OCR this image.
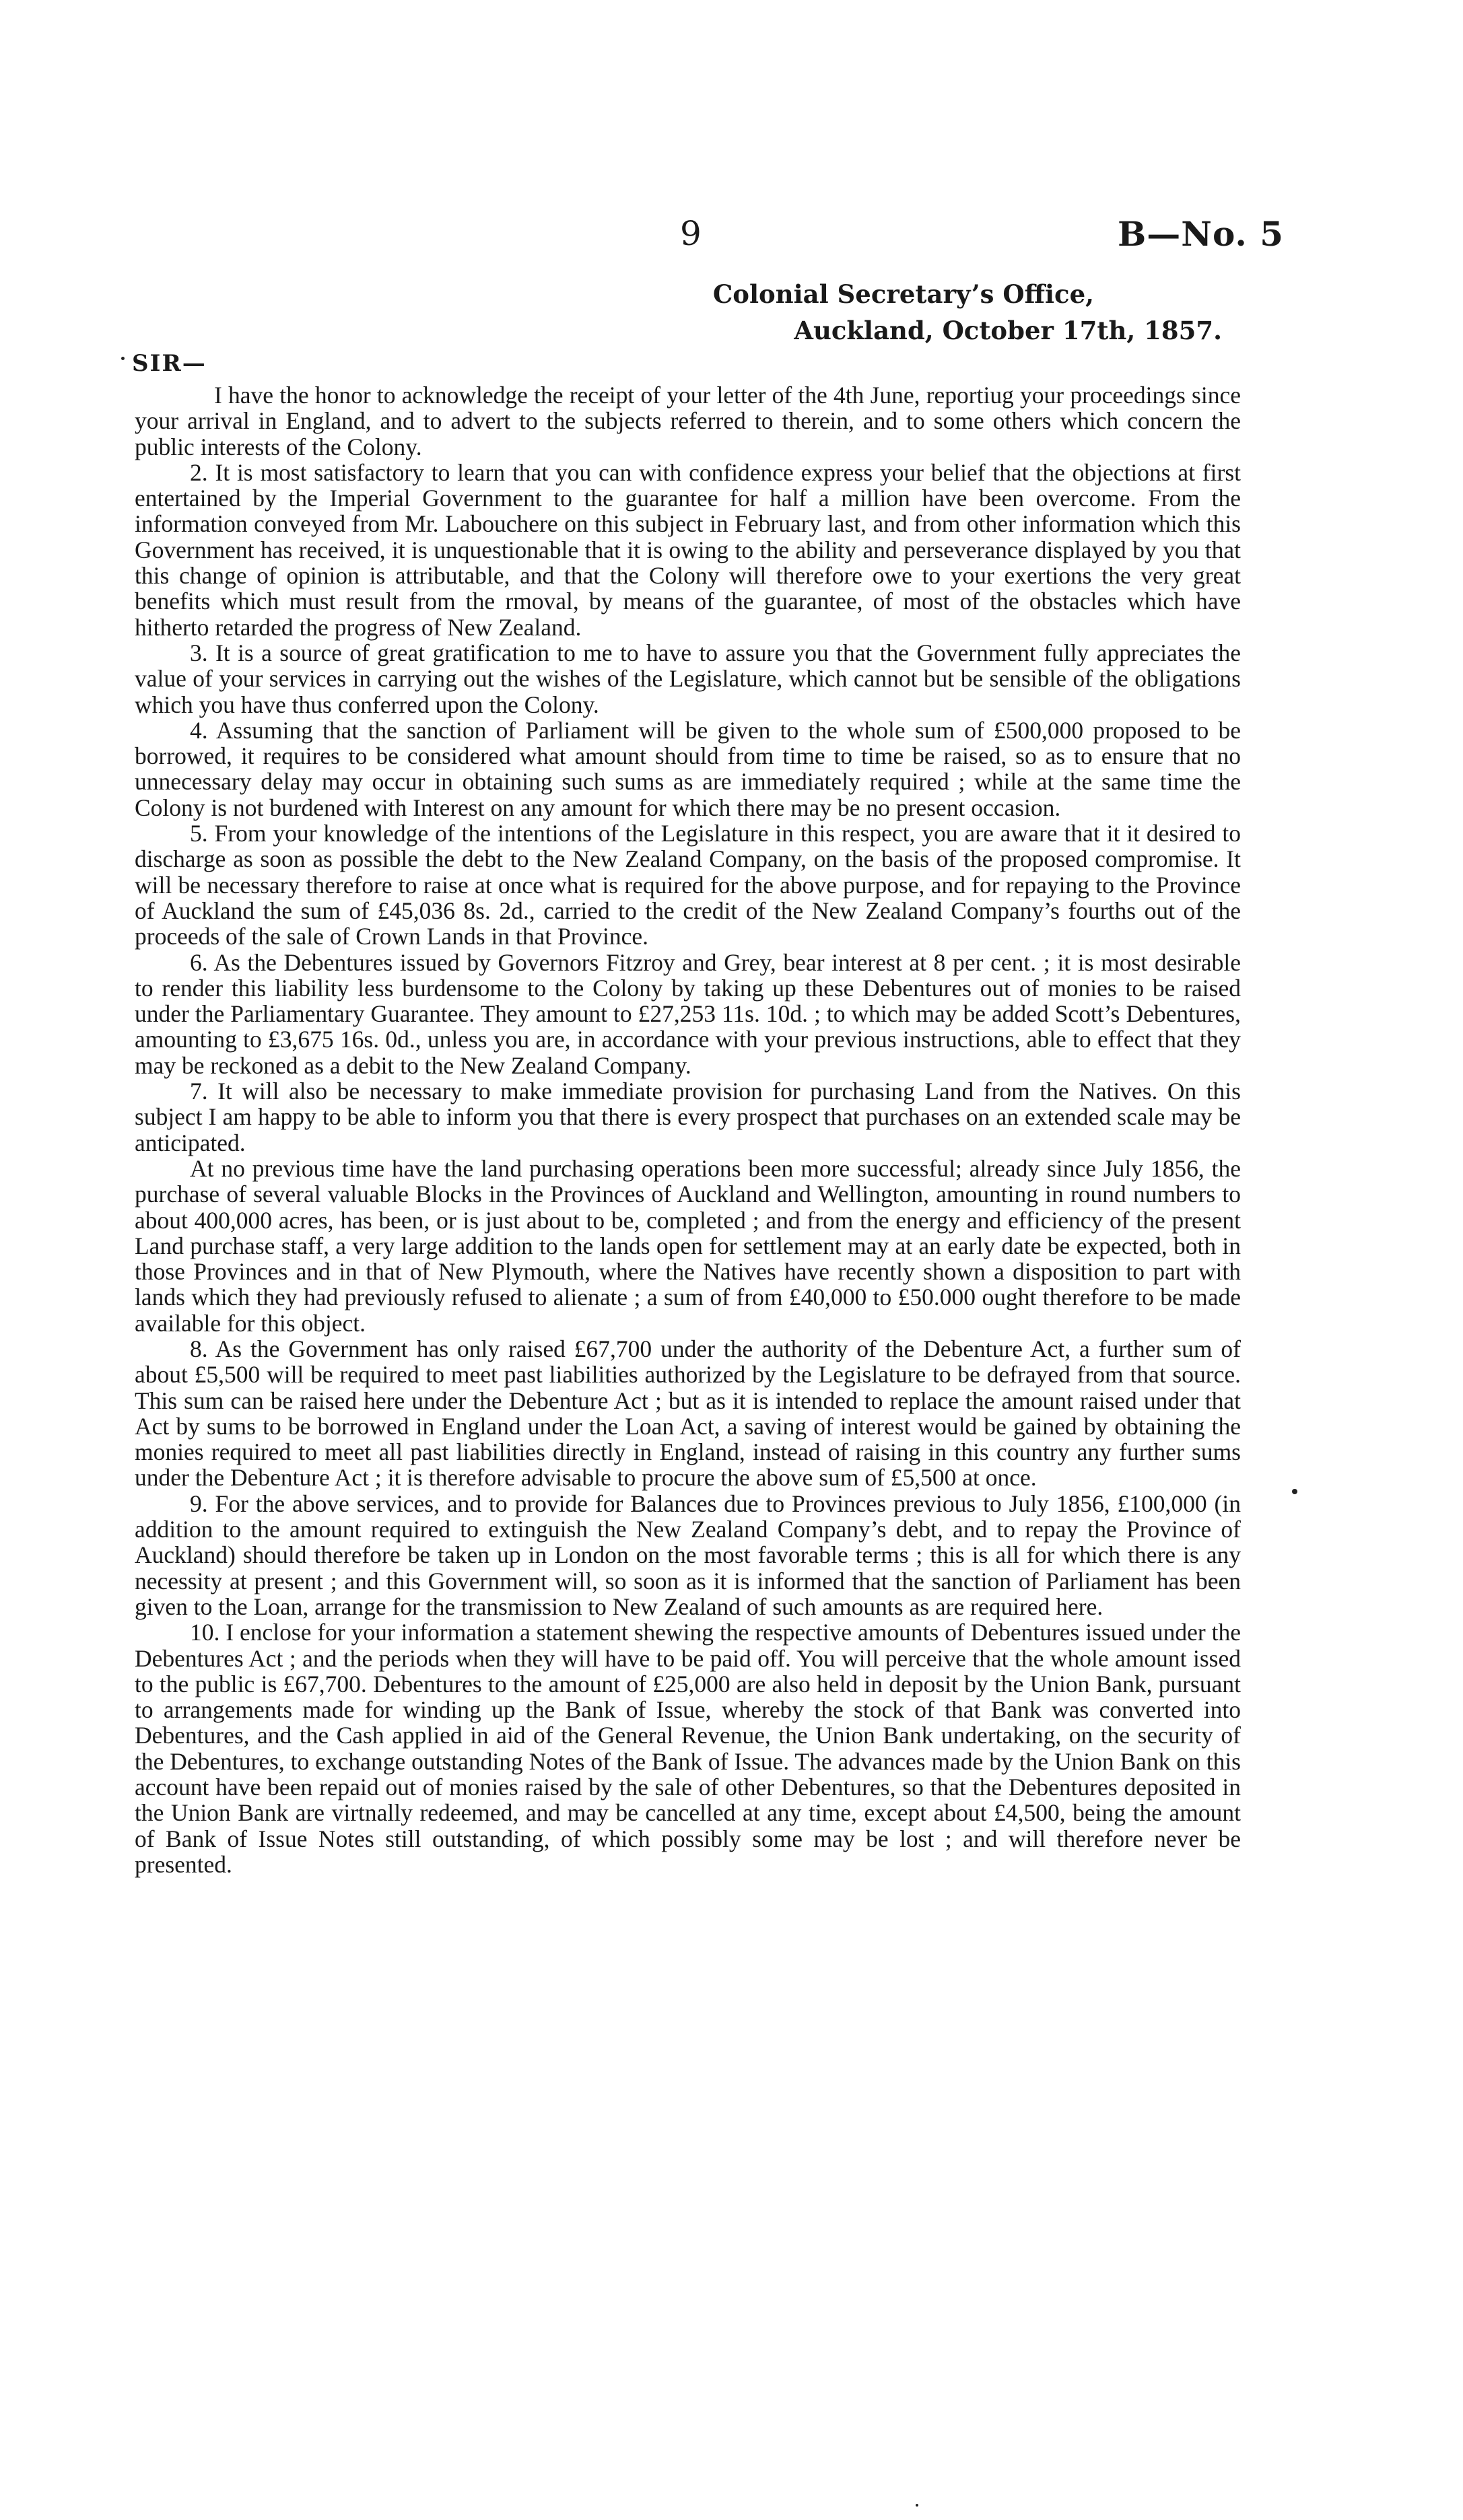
9	B—No. 5
Colonial Secretary’s Office,
Auckland, October 17th, 1857.
SIR—

I have the honor to acknowledge the receipt of your letter of the 4th June, reportiug your proceedings since your arrival in England, and to advert to the subjects referred to therein, and to some others which concern the public interests of the Colony.

2. It is most satisfactory to learn that you can with confidence express your belief that the objections at first entertained by the Imperial Government to the guarantee for half a million have been overcome. From the information conveyed from Mr. Labouchere on this subject in February last, and from other information which this Government has received, it is unquestionable that it is owing to the ability and perseverance displayed by you that this change of opinion is attributable, and that the Colony will therefore owe to your exertions the very great benefits which must result from the rmoval, by means of the guarantee, of most of the obstacles which have hitherto retarded the progress of New Zealand.

3. It is a source of great gratification to me to have to assure you that the Government fully appreciates the value of your services in carrying out the wishes of the Legislature, which cannot but be sensible of the obligations which you have thus conferred upon the Colony.

4. Assuming that the sanction of Parliament will be given to the whole sum of £500,000 proposed to be borrowed, it requires to be considered what amount should from time to time be raised, so as to ensure that no unnecessary delay may occur in obtaining such sums as are immediately required ; while at the same time the Colony is not burdened with Interest on any amount for which there may be no present occasion.

5. From your knowledge of the intentions of the Legislature in this respect, you are aware that it it desired to discharge as soon as possible the debt to the New Zealand Company, on the basis of the proposed compromise. It will be necessary therefore to raise at once what is required for the above purpose, and for repaying to the Province of Auckland the sum of £45,036 8s. 2d., carried to the credit of the New Zealand Company’s fourths out of the proceeds of the sale of Crown Lands in that Province.

6. As the Debentures issued by Governors Fitzroy and Grey, bear interest at 8 per cent. ; it is most desirable to render this liability less burdensome to the Colony by taking up these Debentures out of monies to be raised under the Parliamentary Guarantee. They amount to £27,253 11s. 10d. ; to which may be added Scott’s Debentures, amounting to £3,675 16s. 0d., unless you are, in accordance with your previous instructions, able to effect that they may be reckoned as a debit to the New Zealand Company.

7. It will also be necessary to make immediate provision for purchasing Land from the Natives. On this subject I am happy to be able to inform you that there is every prospect that purchases on an extended scale may be anticipated.

At no previous time have the land purchasing operations been more successful; already since July 1856, the purchase of several valuable Blocks in the Provinces of Auckland and Wellington, amounting in round numbers to about 400,000 acres, has been, or is just about to be, completed ; and from the energy and efficiency of the present Land purchase staff, a very large addition to the lands open for settlement may at an early date be expected, both in those Provinces and in that of New Plymouth, where the Natives have recently shown a disposition to part with lands which they had previously refused to alienate ; a sum of from £40,000 to £50.000 ought therefore to be made available for this object.

8. As the Government has only raised £67,700 under the authority of the Debenture Act, a further sum of about £5,500 will be required to meet past liabilities authorized by the Legislature to be defrayed from that source. This sum can be raised here under the Debenture Act ; but as it is intended to replace the amount raised under that Act by sums to be borrowed in England under the Loan Act, a saving of interest would be gained by obtaining the monies required to meet all past liabilities directly in England, instead of raising in this country any further sums under the Debenture Act ; it is therefore advisable to procure the above sum of £5,500 at once.

9. For the above services, and to provide for Balances due to Provinces previous to July 1856, £100,000 (in addition to the amount required to extinguish the New Zealand Company’s debt, and to repay the Province of Auckland) should therefore be taken up in London on the most favorable terms ; this is all for which there is any necessity at present ; and this Government will, so soon as it is informed that the sanction of Parliament has been given to the Loan, arrange for the transmission to New Zealand of such amounts as are required here.

10. I enclose for your information a statement shewing the respective amounts of Debentures issued under the Debentures Act ; and the periods when they will have to be paid off. You will perceive that the whole amount issed to the public is £67,700. Debentures to the amount of £25,000 are also held in deposit by the Union Bank, pursuant to arrangements made for winding up the Bank of Issue, whereby the stock of that Bank was converted into Debentures, and the Cash applied in aid of the General Revenue, the Union Bank undertaking, on the security of the Debentures, to exchange outstanding Notes of the Bank of Issue. The advances made by the Union Bank on this account have been repaid out of monies raised by the sale of other Debentures, so that the Debentures deposited in the Union Bank are virtnally redeemed, and may be cancelled at any time, except about £4,500, being the amount of Bank of Issue Notes still outstanding, of which possibly some may be lost ; and will therefore never be presented.
